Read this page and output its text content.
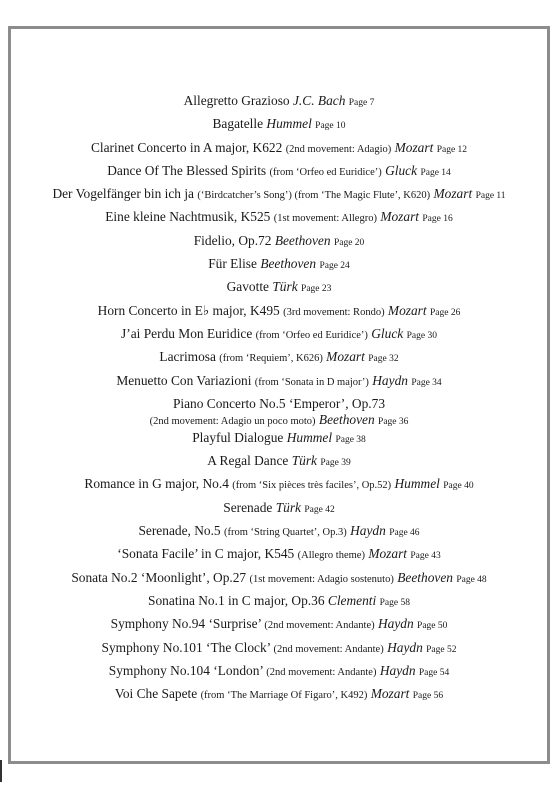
Allegretto Grazioso J.C. Bach Page 7
Bagatelle Hummel Page 10
Clarinet Concerto in A major, K622 (2nd movement: Adagio) Mozart Page 12
Dance Of The Blessed Spirits (from ‘Orfeo ed Euridice’) Gluck Page 14
Der Vogelfänger bin ich ja (‘Birdcatcher’s Song’) (from ‘The Magic Flute’, K620) Mozart Page 11
Eine kleine Nachtmusik, K525 (1st movement: Allegro) Mozart Page 16
Fidelio, Op.72 Beethoven Page 20
Für Elise Beethoven Page 24
Gavotte Türk Page 23
Horn Concerto in E♭ major, K495 (3rd movement: Rondo) Mozart Page 26
J’ai Perdu Mon Euridice (from ‘Orfeo ed Euridice’) Gluck Page 30
Lacrimosa (from ‘Requiem’, K626) Mozart Page 32
Menuetto Con Variazioni (from ‘Sonata in D major’) Haydn Page 34
Piano Concerto No.5 ‘Emperor’, Op.73
(2nd movement: Adagio un poco moto) Beethoven Page 36
Playful Dialogue Hummel Page 38
A Regal Dance Türk Page 39
Romance in G major, No.4 (from ‘Six pièces très faciles’, Op.52) Hummel Page 40
Serenade Türk Page 42
Serenade, No.5 (from ‘String Quartet’, Op.3) Haydn Page 46
‘Sonata Facile’ in C major, K545 (Allegro theme) Mozart Page 43
Sonata No.2 ‘Moonlight’, Op.27 (1st movement: Adagio sostenuto) Beethoven Page 48
Sonatina No.1 in C major, Op.36 Clementi Page 58
Symphony No.94 ‘Surprise’ (2nd movement: Andante) Haydn Page 50
Symphony No.101 ‘The Clock’ (2nd movement: Andante) Haydn Page 52
Symphony No.104 ‘London’ (2nd movement: Andante) Haydn Page 54
Voi Che Sapete (from ‘The Marriage Of Figaro’, K492) Mozart Page 56
